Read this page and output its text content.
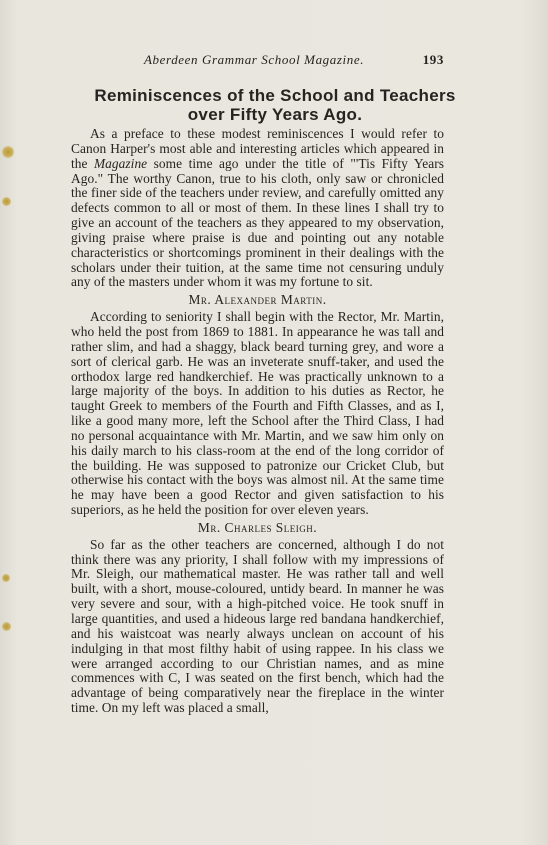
Aberdeen Grammar School Magazine.	193
Reminiscences of the School and Teachers
over Fifty Years Ago.

As a preface to these modest reminiscences I would refer to Canon Harper's most able and interesting articles which appeared in the Magazine some time ago under the title of "'Tis Fifty Years Ago." The worthy Canon, true to his cloth, only saw or chronicled the finer side of the teachers under review, and carefully omitted any defects common to all or most of them. In these lines I shall try to give an account of the teachers as they appeared to my observation, giving praise where praise is due and pointing out any notable characteristics or shortcomings prominent in their dealings with the scholars under their tuition, at the same time not censuring unduly any of the masters under whom it was my fortune to sit.

Mr. Alexander Martin.

According to seniority I shall begin with the Rector, Mr. Martin, who held the post from 1869 to 1881. In appearance he was tall and rather slim, and had a shaggy, black beard turning grey, and wore a sort of clerical garb. He was an inveterate snuff-taker, and used the orthodox large red handkerchief. He was practically unknown to a large majority of the boys. In addition to his duties as Rector, he taught Greek to members of the Fourth and Fifth Classes, and as I, like a good many more, left the School after the Third Class, I had no personal acquaintance with Mr. Martin, and we saw him only on his daily march to his class-room at the end of the long corridor of the building. He was supposed to patronize our Cricket Club, but otherwise his contact with the boys was almost nil. At the same time he may have been a good Rector and given satisfaction to his superiors, as he held the position for over eleven years.

Mr. Charles Sleigh.

So far as the other teachers are concerned, although I do not think there was any priority, I shall follow with my impressions of Mr. Sleigh, our mathematical master. He was rather tall and well built, with a short, mouse-coloured, untidy beard. In manner he was very severe and sour, with a high-pitched voice. He took snuff in large quantities, and used a hideous large red bandana handkerchief, and his waistcoat was nearly always unclean on account of his indulging in that most filthy habit of using rappee. In his class we were arranged according to our Christian names, and as mine commences with C, I was seated on the first bench, which had the advantage of being comparatively near the fireplace in the winter time. On my left was placed a small,
